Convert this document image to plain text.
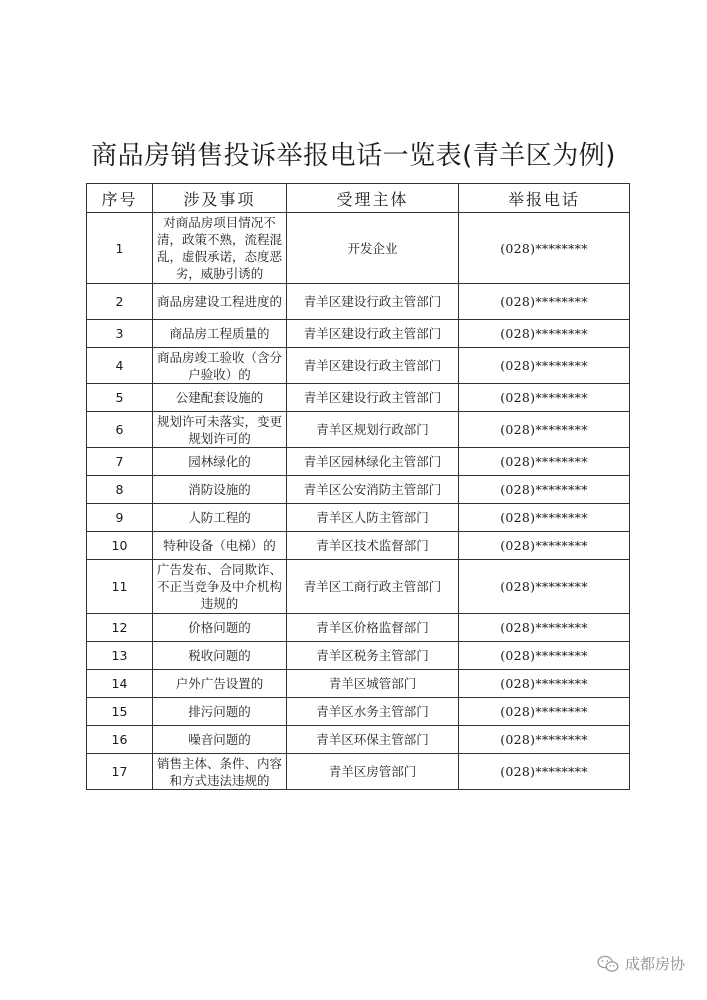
商品房销售投诉举报电话一览表(青羊区为例)
序号	涉及事项	受理主体	举报电话
1	对商品房项目情况不清，政策不熟，流程混乱，虚假承诺，态度恶劣，威胁引诱的	开发企业	(028)********
2	商品房建设工程进度的	青羊区建设行政主管部门	(028)********
3	商品房工程质量的	青羊区建设行政主管部门	(028)********
4	商品房竣工验收（含分户验收）的	青羊区建设行政主管部门	(028)********
5	公建配套设施的	青羊区建设行政主管部门	(028)********
6	规划许可未落实，变更规划许可的	青羊区规划行政部门	(028)********
7	园林绿化的	青羊区园林绿化主管部门	(028)********
8	消防设施的	青羊区公安消防主管部门	(028)********
9	人防工程的	青羊区人防主管部门	(028)********
10	特种设备（电梯）的	青羊区技术监督部门	(028)********
11	广告发布、合同欺诈、不正当竞争及中介机构违规的	青羊区工商行政主管部门	(028)********
12	价格问题的	青羊区价格监督部门	(028)********
13	税收问题的	青羊区税务主管部门	(028)********
14	户外广告设置的	青羊区城管部门	(028)********
15	排污问题的	青羊区水务主管部门	(028)********
16	噪音问题的	青羊区环保主管部门	(028)********
17	销售主体、条件、内容和方式违法违规的	青羊区房管部门	(028)********
成都房协
